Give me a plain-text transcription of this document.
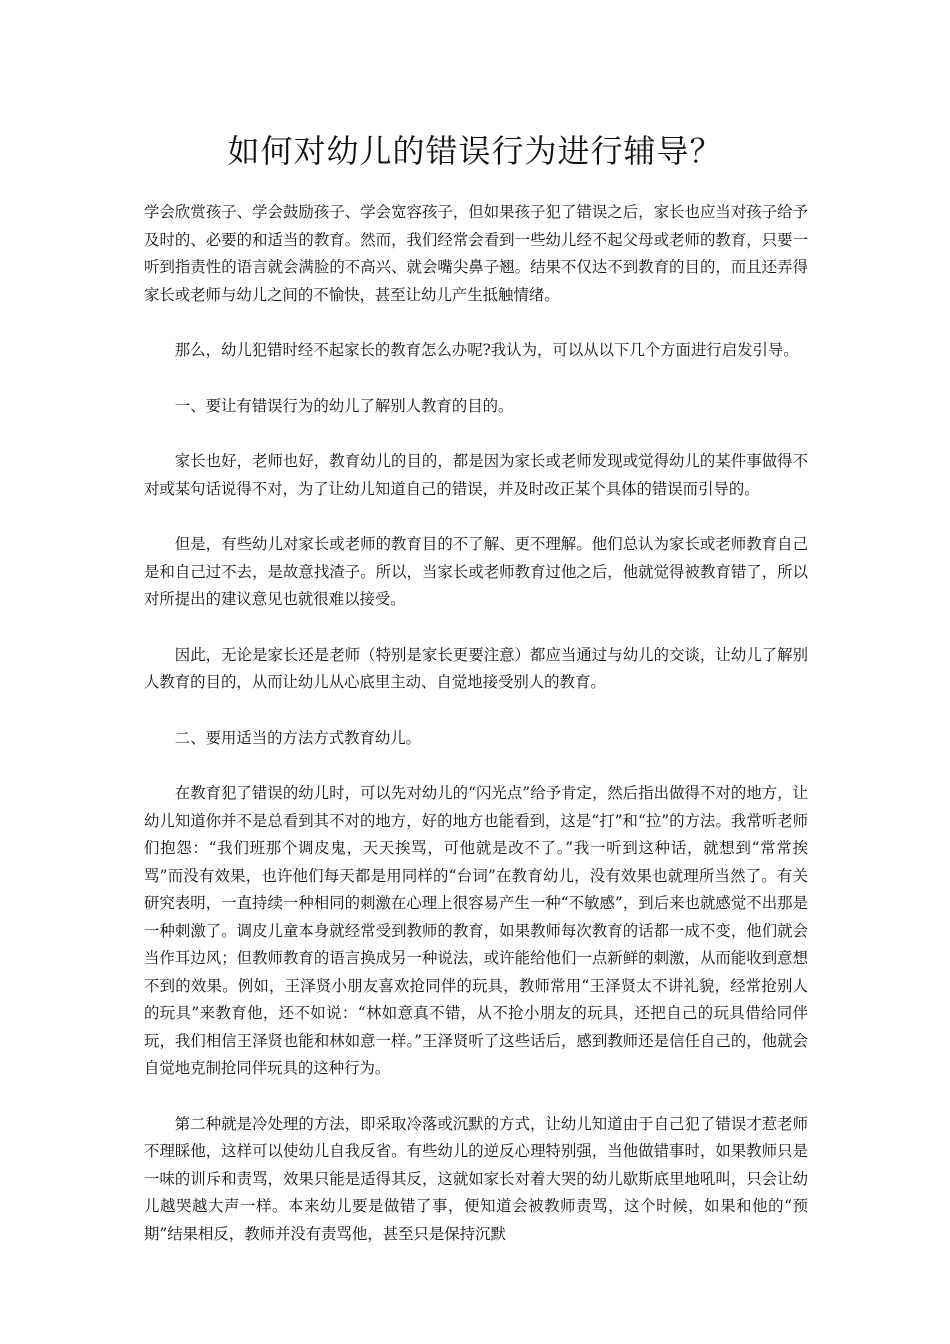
如何对幼儿的错误行为进行辅导？

学会欣赏孩子、学会鼓励孩子、学会宽容孩子，但如果孩子犯了错误之后，家长也应当对孩子给予及时的、必要的和适当的教育。然而，我们经常会看到一些幼儿经不起父母或老师的教育，只要一听到指责性的语言就会满脸的不高兴、就会嘴尖鼻子翘。结果不仅达不到教育的目的，而且还弄得家长或老师与幼儿之间的不愉快，甚至让幼儿产生抵触情绪。

那么，幼儿犯错时经不起家长的教育怎么办呢?我认为，可以从以下几个方面进行启发引导。

一、要让有错误行为的幼儿了解别人教育的目的。

家长也好，老师也好，教育幼儿的目的，都是因为家长或老师发现或觉得幼儿的某件事做得不对或某句话说得不对，为了让幼儿知道自己的错误，并及时改正某个具体的错误而引导的。

但是，有些幼儿对家长或老师的教育目的不了解、更不理解。他们总认为家长或老师教育自己是和自己过不去，是故意找渣子。所以，当家长或老师教育过他之后，他就觉得被教育错了，所以对所提出的建议意见也就很难以接受。

因此，无论是家长还是老师（特别是家长更要注意）都应当通过与幼儿的交谈，让幼儿了解别人教育的目的，从而让幼儿从心底里主动、自觉地接受别人的教育。

二、要用适当的方法方式教育幼儿。

在教育犯了错误的幼儿时，可以先对幼儿的“闪光点”给予肯定，然后指出做得不对的地方，让幼儿知道你并不是总看到其不对的地方，好的地方也能看到，这是“打”和“拉”的方法。我常听老师们抱怨：“我们班那个调皮鬼，天天挨骂，可他就是改不了。”我一听到这种话，就想到“常常挨骂”而没有效果，也许他们每天都是用同样的“台词”在教育幼儿，没有效果也就理所当然了。有关研究表明，一直持续一种相同的刺激在心理上很容易产生一种“不敏感”，到后来也就感觉不出那是一种刺激了。调皮儿童本身就经常受到教师的教育，如果教师每次教育的话都一成不变，他们就会当作耳边风；但教师教育的语言换成另一种说法，或许能给他们一点新鲜的刺激，从而能收到意想不到的效果。例如，王泽贤小朋友喜欢抢同伴的玩具，教师常用“王泽贤太不讲礼貌，经常抢别人的玩具”来教育他，还不如说：“林如意真不错，从不抢小朋友的玩具，还把自己的玩具借给同伴玩，我们相信王泽贤也能和林如意一样。”王泽贤听了这些话后，感到教师还是信任自己的，他就会自觉地克制抢同伴玩具的这种行为。

第二种就是冷处理的方法，即采取冷落或沉默的方式，让幼儿知道由于自己犯了错误才惹老师不理睬他，这样可以使幼儿自我反省。有些幼儿的逆反心理特别强，当他做错事时，如果教师只是一味的训斥和责骂，效果只能是适得其反，这就如家长对着大哭的幼儿歇斯底里地吼叫，只会让幼儿越哭越大声一样。本来幼儿要是做错了事，便知道会被教师责骂，这个时候，如果和他的“预期”结果相反，教师并没有责骂他，甚至只是保持沉默
